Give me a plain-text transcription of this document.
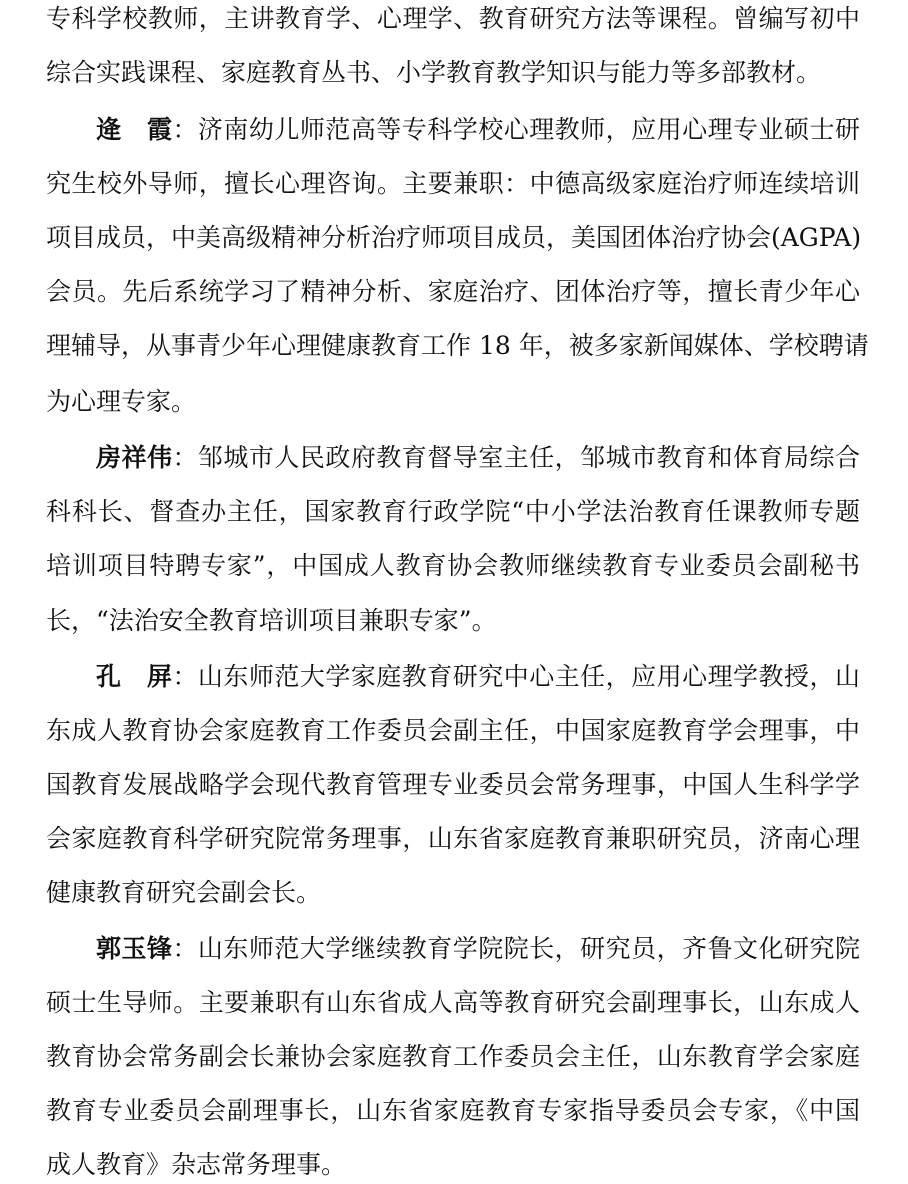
专科学校教师，主讲教育学、心理学、教育研究方法等课程。曾编写初中
综合实践课程、家庭教育丛书、小学教育教学知识与能力等多部教材。
逄　霞：济南幼儿师范高等专科学校心理教师，应用心理专业硕士研
究生校外导师，擅长心理咨询。主要兼职：中德高级家庭治疗师连续培训
项目成员，中美高级精神分析治疗师项目成员，美国团体治疗协会(AGPA)
会员。先后系统学习了精神分析、家庭治疗、团体治疗等，擅长青少年心
理辅导，从事青少年心理健康教育工作 18 年，被多家新闻媒体、学校聘请
为心理专家。
房祥伟：邹城市人民政府教育督导室主任，邹城市教育和体育局综合
科科长、督查办主任，国家教育行政学院“中小学法治教育任课教师专题
培训项目特聘专家”，中国成人教育协会教师继续教育专业委员会副秘书
长，“法治安全教育培训项目兼职专家”。
孔　屏：山东师范大学家庭教育研究中心主任，应用心理学教授，山
东成人教育协会家庭教育工作委员会副主任，中国家庭教育学会理事，中
国教育发展战略学会现代教育管理专业委员会常务理事，中国人生科学学
会家庭教育科学研究院常务理事，山东省家庭教育兼职研究员，济南心理
健康教育研究会副会长。
郭玉锋：山东师范大学继续教育学院院长，研究员，齐鲁文化研究院
硕士生导师。主要兼职有山东省成人高等教育研究会副理事长，山东成人
教育协会常务副会长兼协会家庭教育工作委员会主任，山东教育学会家庭
教育专业委员会副理事长，山东省家庭教育专家指导委员会专家，《中国
成人教育》杂志常务理事。
